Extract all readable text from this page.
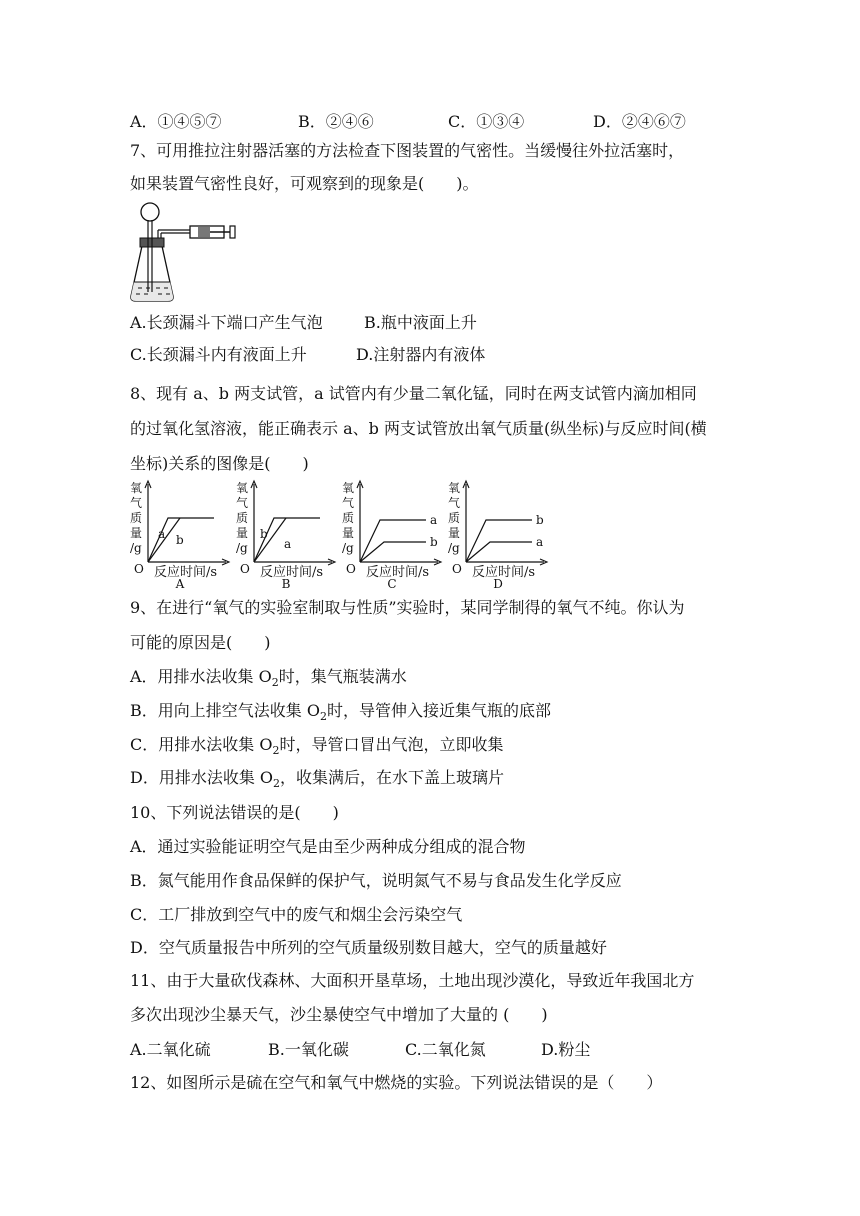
A．①④⑤⑦	B．②④⑥	C．①③④	D．②④⑥⑦
7、可用推拉注射器活塞的方法检查下图装置的气密性。当缓慢往外拉活塞时，
如果装置气密性良好，可观察到的现象是(　　)。
A.长颈漏斗下端口产生气泡	B.瓶中液面上升
C.长颈漏斗内有液面上升	D.注射器内有液体
8、现有 a、b 两支试管，a 试管内有少量二氧化锰，同时在两支试管内滴加相同
的过氧化氢溶液，能正确表示 a、b 两支试管放出氧气质量(纵坐标)与反应时间(横
坐标)关系的图像是(　　)
氧
气
质
量
/g
O 反应时间/s
A
a b
氧
气
质
量
/g
O 反应时间/s
B
b
a
氧
气
质
量
/g
O 反应时间/s
C
a
b
氧
气
质
量
/g
O 反应时间/s
D
b
a
9、在进行“氧气的实验室制取与性质”实验时，某同学制得的氧气不纯。你认为
可能的原因是(　　)
A．用排水法收集 $O_2$时，集气瓶装满水
B．用向上排空气法收集 $O_2$时，导管伸入接近集气瓶的底部
C．用排水法收集 $O_2$时，导管口冒出气泡，立即收集
D．用排水法收集 $O_2$，收集满后，在水下盖上玻璃片
10、下列说法错误的是(　　)
A．通过实验能证明空气是由至少两种成分组成的混合物
B．氮气能用作食品保鲜的保护气，说明氮气不易与食品发生化学反应
C．工厂排放到空气中的废气和烟尘会污染空气
D．空气质量报告中所列的空气质量级别数目越大，空气的质量越好
11、由于大量砍伐森林、大面积开垦草场，土地出现沙漠化，导致近年我国北方
多次出现沙尘暴天气，沙尘暴使空气中增加了大量的 (　　)
A.二氧化硫	B.一氧化碳	C.二氧化氮	D.粉尘
12、如图所示是硫在空气和氧气中燃烧的实验。下列说法错误的是（　　）
